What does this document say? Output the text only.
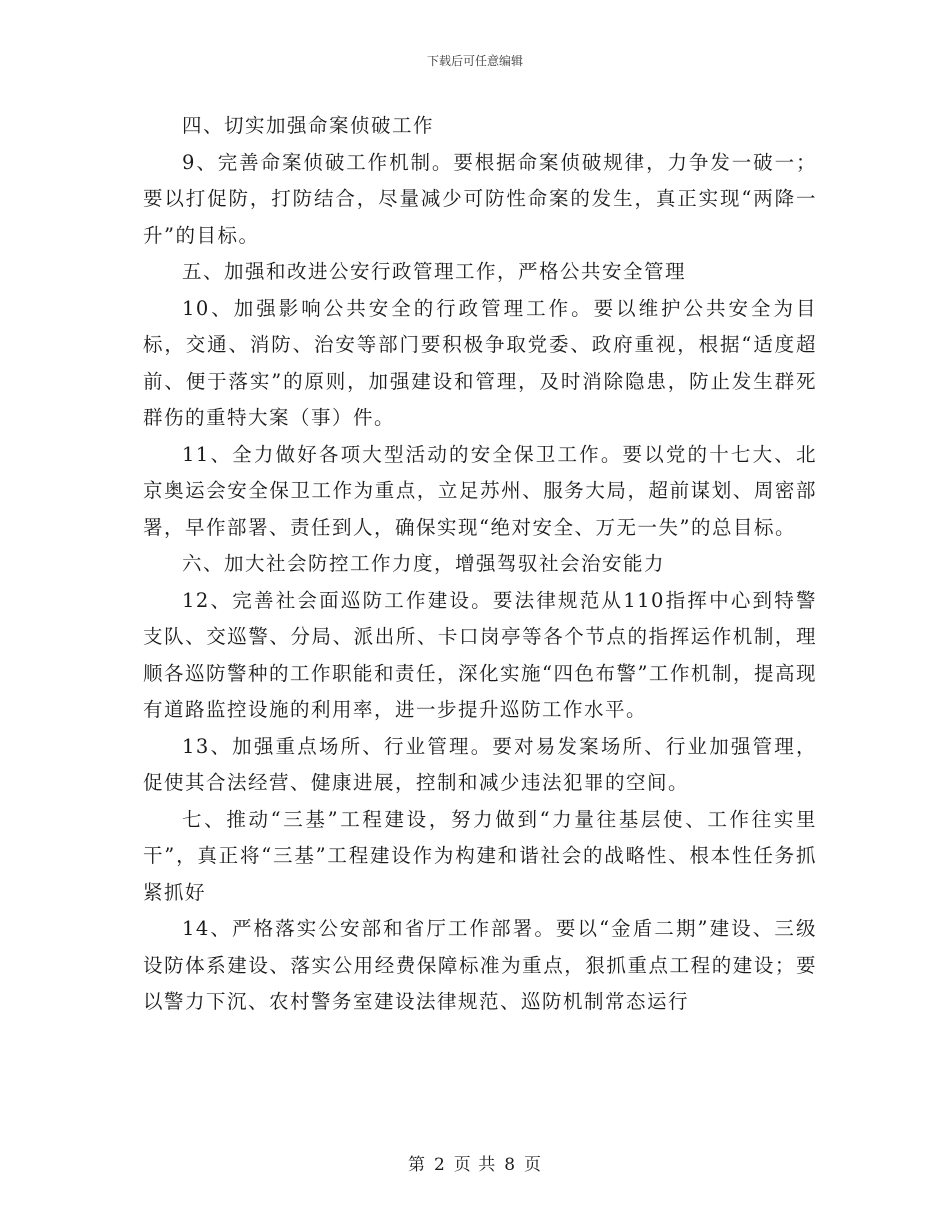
下载后可任意编辑

四、切实加强命案侦破工作

9、完善命案侦破工作机制。要根据命案侦破规律，力争发一破一；要以打促防，打防结合，尽量减少可防性命案的发生，真正实现“两降一升”的目标。

五、加强和改进公安行政管理工作，严格公共安全管理

10、加强影响公共安全的行政管理工作。要以维护公共安全为目标，交通、消防、治安等部门要积极争取党委、政府重视，根据“适度超前、便于落实”的原则，加强建设和管理，及时消除隐患，防止发生群死群伤的重特大案（事）件。

11、全力做好各项大型活动的安全保卫工作。要以党的十七大、北京奥运会安全保卫工作为重点，立足苏州、服务大局，超前谋划、周密部署，早作部署、责任到人，确保实现“绝对安全、万无一失”的总目标。

六、加大社会防控工作力度，增强驾驭社会治安能力

12、完善社会面巡防工作建设。要法律规范从110指挥中心到特警支队、交巡警、分局、派出所、卡口岗亭等各个节点的指挥运作机制，理顺各巡防警种的工作职能和责任，深化实施“四色布警”工作机制，提高现有道路监控设施的利用率，进一步提升巡防工作水平。

13、加强重点场所、行业管理。要对易发案场所、行业加强管理，促使其合法经营、健康进展，控制和减少违法犯罪的空间。

七、推动“三基”工程建设，努力做到“力量往基层使、工作往实里干”，真正将“三基”工程建设作为构建和谐社会的战略性、根本性任务抓紧抓好

14、严格落实公安部和省厅工作部署。要以“金盾二期”建设、三级设防体系建设、落实公用经费保障标准为重点，狠抓重点工程的建设；要以警力下沉、农村警务室建设法律规范、巡防机制常态运行

第 2 页 共 8 页
